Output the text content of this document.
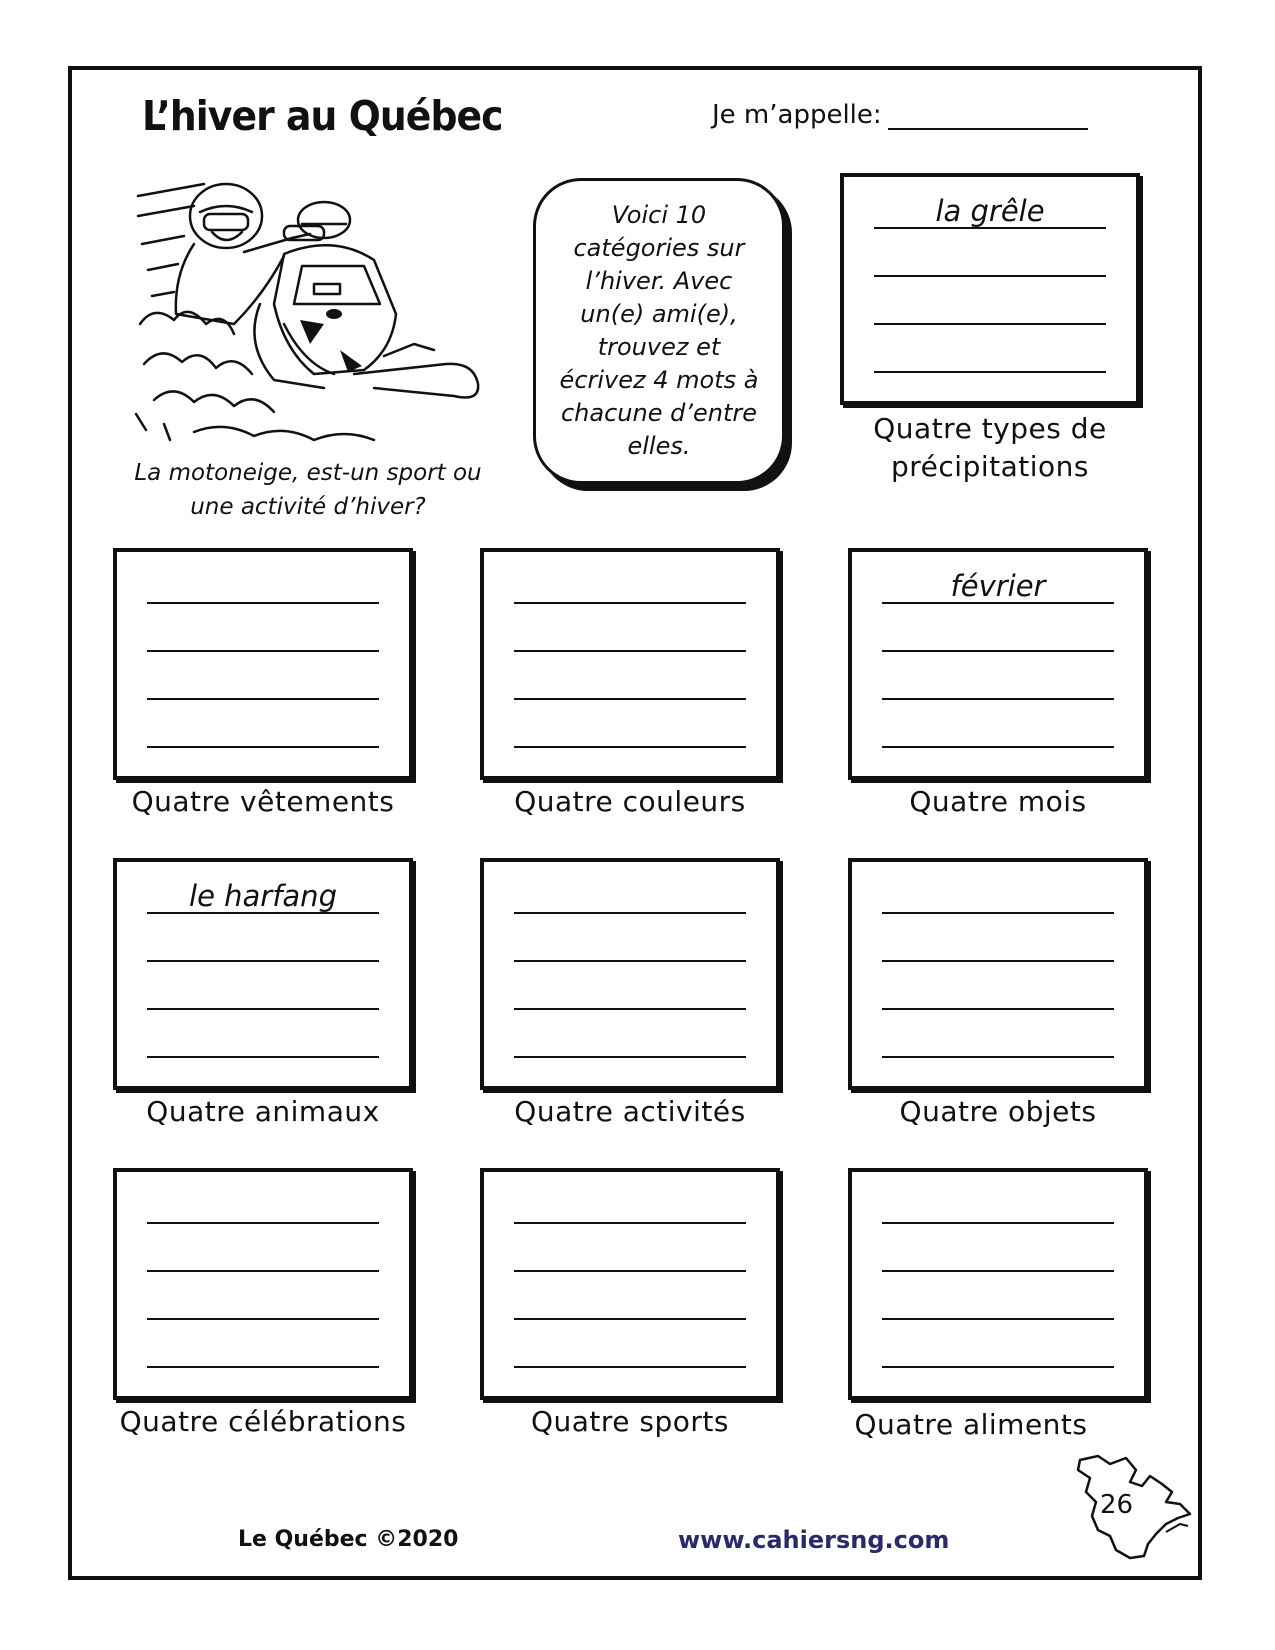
L’hiver au Québec	Je m’appelle:
La motoneige, est-un sport ou une activité d’hiver?
Voici 10 catégories sur l’hiver. Avec un(e) ami(e), trouvez et écrivez 4 mots à chacune d’entre elles.
la grêle
Quatre types de précipitations
Quatre vêtements	Quatre couleurs
février
Quatre mois
le harfang
Quatre animaux	Quatre activités	Quatre objets
Quatre célébrations	Quatre sports	Quatre aliments
Le Québec ©2020	www.cahiersng.com
26
